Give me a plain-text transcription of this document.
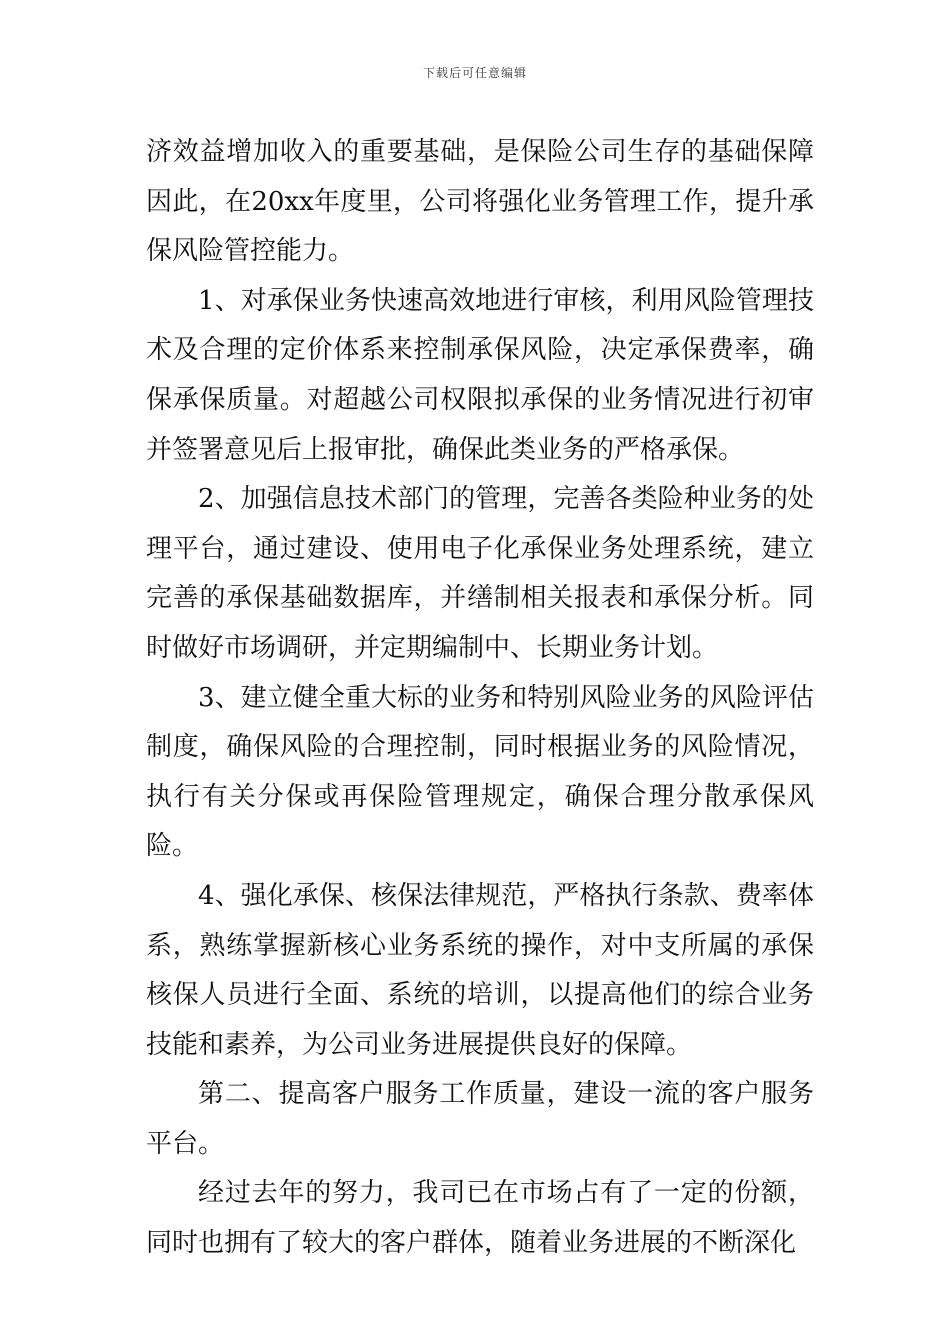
下载后可任意编辑

济效益增加收入的重要基础，是保险公司生存的基础保障因此，在20xx年度里，公司将强化业务管理工作，提升承保风险管控能力。

1、对承保业务快速高效地进行审核，利用风险管理技术及合理的定价体系来控制承保风险，决定承保费率，确保承保质量。对超越公司权限拟承保的业务情况进行初审并签署意见后上报审批，确保此类业务的严格承保。

2、加强信息技术部门的管理，完善各类险种业务的处理平台，通过建设、使用电子化承保业务处理系统，建立完善的承保基础数据库，并缮制相关报表和承保分析。同时做好市场调研，并定期编制中、长期业务计划。

3、建立健全重大标的业务和特别风险业务的风险评估制度，确保风险的合理控制，同时根据业务的风险情况，执行有关分保或再保险管理规定，确保合理分散承保风险。

4、强化承保、核保法律规范，严格执行条款、费率体系，熟练掌握新核心业务系统的操作，对中支所属的承保核保人员进行全面、系统的培训，以提高他们的综合业务技能和素养，为公司业务进展提供良好的保障。

第二、提高客户服务工作质量，建设一流的客户服务平台。

经过去年的努力，我司已在市场占有了一定的份额，同时也拥有了较大的客户群体，随着业务进展的不断深化
